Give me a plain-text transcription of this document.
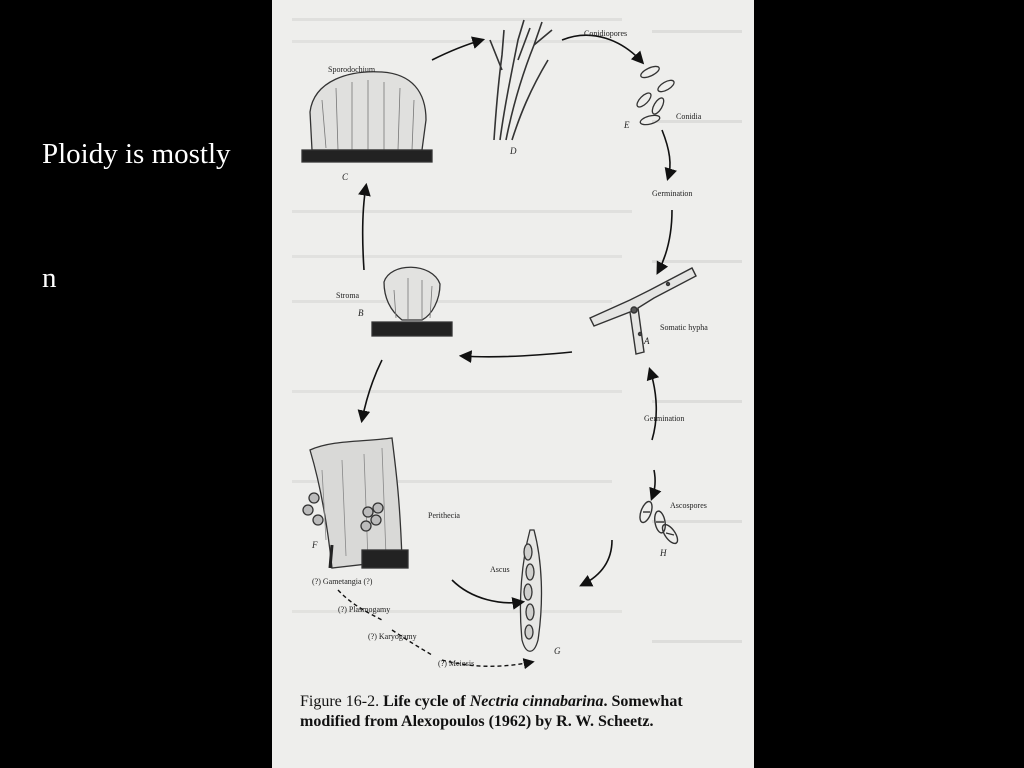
Ploidy is mostly
n
Conidiopores
Conidia
Germination
Somatic hypha
Germination
Ascospores
Ascus
Perithecia
(?) Gametangia (?)
(?) Plasmogamy
(?) Karyogamy
(?) Meiosis
Stroma
Sporodochium
A
B
C
D
E
F
G
H
Figure 16-2. Life cycle of Nectria cinnabarina. Somewhat modified from Alexopoulos (1962) by R. W. Scheetz.
